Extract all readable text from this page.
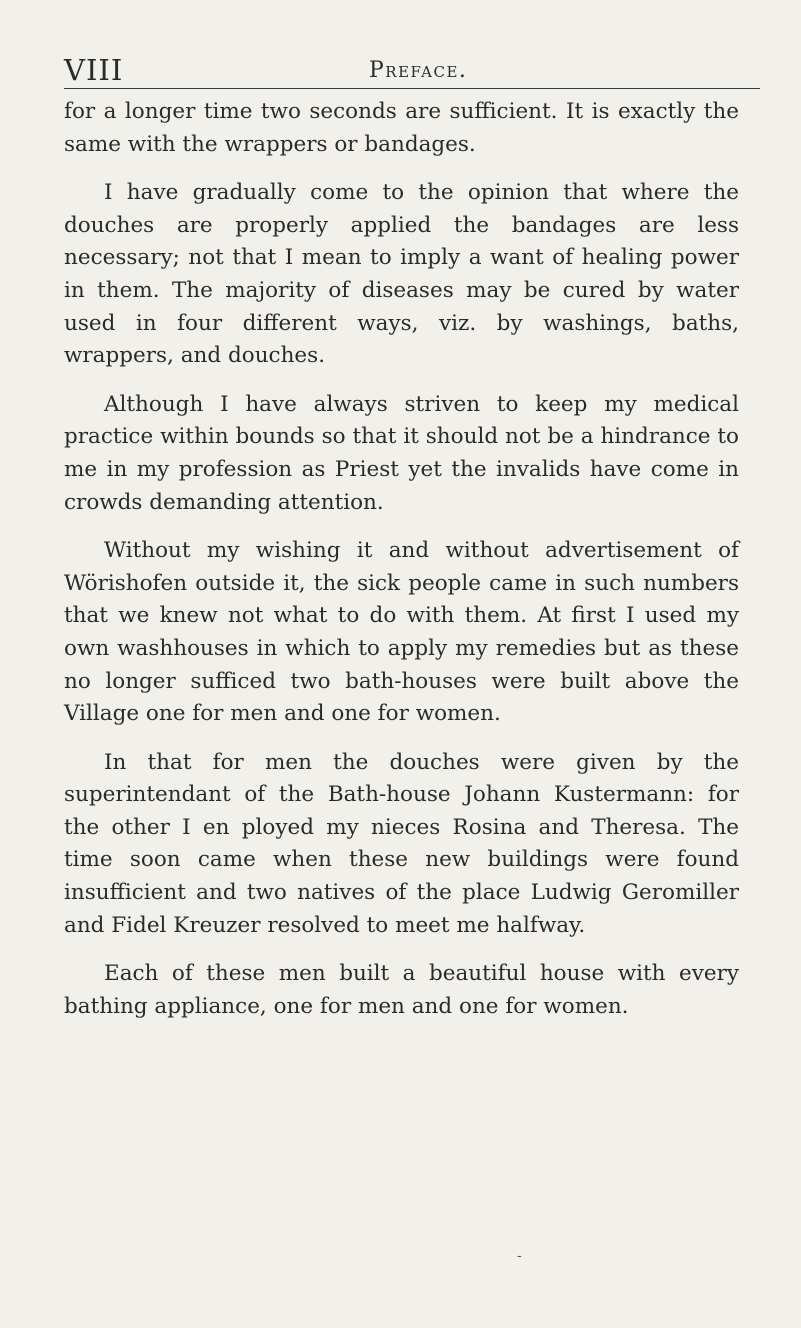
VIII	Preface.

for a longer time two seconds are sufficient. It is exactly the same with the wrappers or bandages.

I have gradually come to the opinion that where the douches are properly applied the bandages are less necessary; not that I mean to imply a want of healing power in them. The majority of diseases may be cured by water used in four different ways, viz. by washings, baths, wrappers, and douches.

Although I have always striven to keep my medical practice within bounds so that it should not be a hindrance to me in my profession as Priest yet the invalids have come in crowds demanding attention.

Without my wishing it and without advertisement of Wörishofen outside it, the sick people came in such numbers that we knew not what to do with them. At first I used my own washhouses in which to apply my remedies but as these no longer sufficed two bath-houses were built above the Village one for men and one for women.

In that for men the douches were given by the superintendant of the Bath-house Johann Kustermann: for the other I en ployed my nieces Rosina and Theresa. The time soon came when these new buildings were found insufficient and two natives of the place Ludwig Geromiller and Fidel Kreuzer resolved to meet me halfway.

Each of these men built a beautiful house with every bathing appliance, one for men and one for women.

-
